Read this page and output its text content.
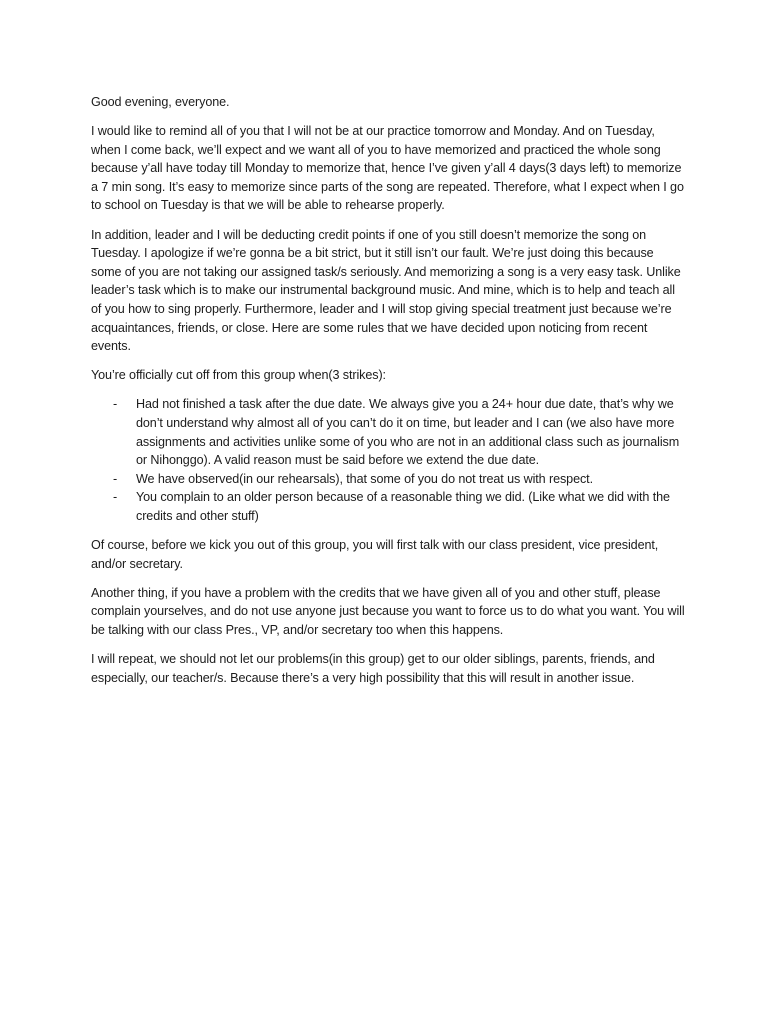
Good evening, everyone.

I would like to remind all of you that I will not be at our practice tomorrow and Monday. And on Tuesday, when I come back, we’ll expect and we want all of you to have memorized and practiced the whole song because y’all have today till Monday to memorize that, hence I’ve given y’all 4 days(3 days left) to memorize a 7 min song. It’s easy to memorize since parts of the song are repeated. Therefore, what I expect when I go to school on Tuesday is that we will be able to rehearse properly.

In addition, leader and I will be deducting credit points if one of you still doesn’t memorize the song on Tuesday. I apologize if we’re gonna be a bit strict, but it still isn’t our fault. We’re just doing this because some of you are not taking our assigned task/s seriously. And memorizing a song is a very easy task. Unlike leader’s task which is to make our instrumental background music. And mine, which is to help and teach all of you how to sing properly. Furthermore, leader and I will stop giving special treatment just because we’re acquaintances, friends, or close. Here are some rules that we have decided upon noticing from recent events.

You’re officially cut off from this group when(3 strikes):

- Had not finished a task after the due date. We always give you a 24+ hour due date, that’s why we don’t understand why almost all of you can’t do it on time, but leader and I can (we also have more assignments and activities unlike some of you who are not in an additional class such as journalism or Nihonggo). A valid reason must be said before we extend the due date.
- We have observed(in our rehearsals), that some of you do not treat us with respect.
- You complain to an older person because of a reasonable thing we did. (Like what we did with the credits and other stuff)

Of course, before we kick you out of this group, you will first talk with our class president, vice president, and/or secretary.

Another thing, if you have a problem with the credits that we have given all of you and other stuff, please complain yourselves, and do not use anyone just because you want to force us to do what you want. You will be talking with our class Pres., VP, and/or secretary too when this happens.

I will repeat, we should not let our problems(in this group) get to our older siblings, parents, friends, and especially, our teacher/s. Because there’s a very high possibility that this will result in another issue.
